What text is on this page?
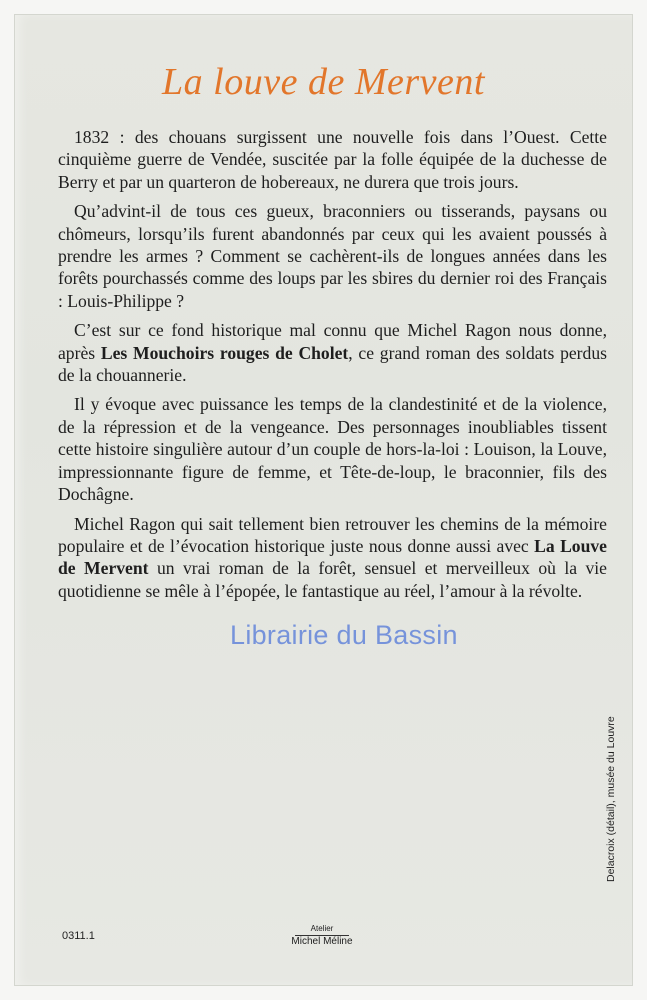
La louve de Mervent

1832 : des chouans surgissent une nouvelle fois dans l’Ouest. Cette cinquième guerre de Vendée, suscitée par la folle équipée de la duchesse de Berry et par un quarteron de hobereaux, ne durera que trois jours.

Qu’advint-il de tous ces gueux, braconniers ou tisserands, paysans ou chômeurs, lorsqu’ils furent abandonnés par ceux qui les avaient poussés à prendre les armes ? Comment se cachèrent-ils de longues années dans les forêts pourchassés comme des loups par les sbires du dernier roi des Français : Louis-Philippe ?

C’est sur ce fond historique mal connu que Michel Ragon nous donne, après Les Mouchoirs rouges de Cholet, ce grand roman des soldats perdus de la chouannerie.

Il y évoque avec puissance les temps de la clandestinité et de la violence, de la répression et de la vengeance. Des personnages inoubliables tissent cette histoire singulière autour d’un couple de hors-la-loi : Louison, la Louve, impressionnante figure de femme, et Tête-de-loup, le braconnier, fils des Dochâgne.

Michel Ragon qui sait tellement bien retrouver les chemins de la mémoire populaire et de l’évocation historique juste nous donne aussi avec La Louve de Mervent un vrai roman de la forêt, sensuel et merveilleux où la vie quotidienne se mêle à l’épopée, le fantastique au réel, l’amour à la révolte.

Librairie du Bassin
Delacroix (détail), musée du Louvre
0311.1
Atelier
Michel Méline
